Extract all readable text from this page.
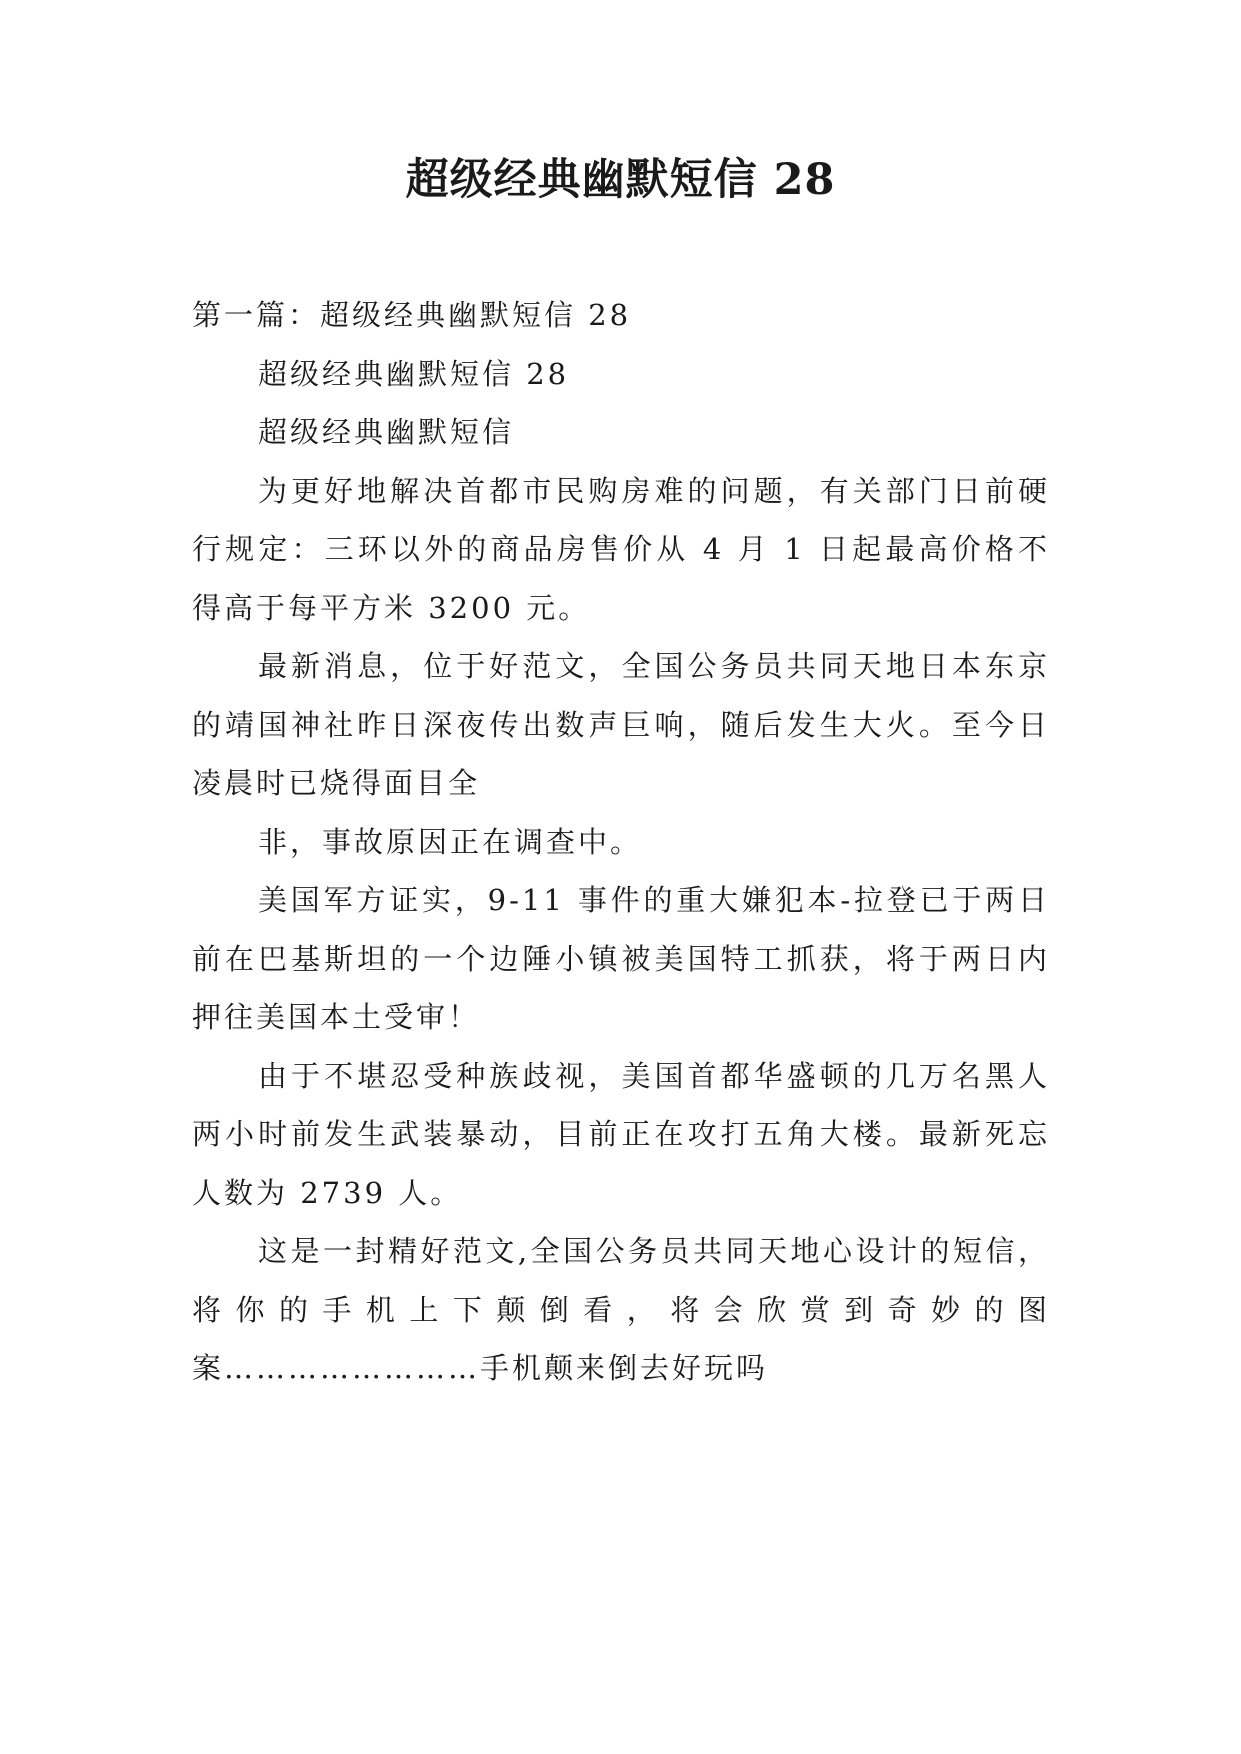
超级经典幽默短信 28

第一篇：超级经典幽默短信 28

超级经典幽默短信 28

超级经典幽默短信

为更好地解决首都市民购房难的问题，有关部门日前硬行规定：三环以外的商品房售价从 4 月 1 日起最高价格不得高于每平方米 3200 元。

最新消息，位于好范文，全国公务员共同天地日本东京的靖国神社昨日深夜传出数声巨响，随后发生大火。至今日凌晨时已烧得面目全

非，事故原因正在调查中。

美国军方证实，9-11 事件的重大嫌犯本-拉登已于两日前在巴基斯坦的一个边陲小镇被美国特工抓获，将于两日内押往美国本土受审！

由于不堪忍受种族歧视，美国首都华盛顿的几万名黑人两小时前发生武装暴动，目前正在攻打五角大楼。最新死忘人数为 2739 人。

这是一封精好范文,全国公务员共同天地心设计的短信，将你的手机上下颠倒看，将会欣赏到奇妙的图案……………………手机颠来倒去好玩吗
